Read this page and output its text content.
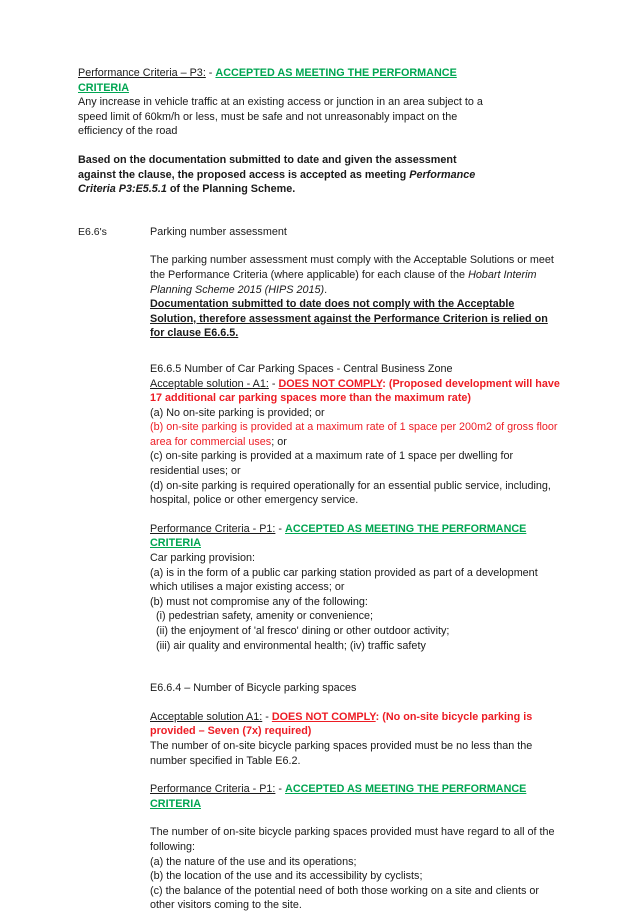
Performance Criteria – P3: - ACCEPTED AS MEETING THE PERFORMANCE CRITERIA

Any increase in vehicle traffic at an existing access or junction in an area subject to a speed limit of 60km/h or less, must be safe and not unreasonably impact on the efficiency of the road

Based on the documentation submitted to date and given the assessment against the clause, the proposed access is accepted as meeting Performance Criteria P3:E5.5.1 of the Planning Scheme.

E6.6's	Parking number assessment

The parking number assessment must comply with the Acceptable Solutions or meet the Performance Criteria (where applicable) for each clause of the Hobart Interim Planning Scheme 2015 (HIPS 2015).

Documentation submitted to date does not comply with the Acceptable Solution, therefore assessment against the Performance Criterion is relied on for clause E6.6.5.

E6.6.5 Number of Car Parking Spaces - Central Business Zone

Acceptable solution - A1: - DOES NOT COMPLY: (Proposed development will have 17 additional car parking spaces more than the maximum rate)

(a) No on-site parking is provided; or

(b) on-site parking is provided at a maximum rate of 1 space per 200m2 of gross floor area for commercial uses; or

(c) on-site parking is provided at a maximum rate of 1 space per dwelling for residential uses; or

(d) on-site parking is required operationally for an essential public service, including, hospital, police or other emergency service.

Performance Criteria - P1: - ACCEPTED AS MEETING THE PERFORMANCE CRITERIA

Car parking provision:

(a) is in the form of a public car parking station provided as part of a development which utilises a major existing access; or

(b) must not compromise any of the following:

(i) pedestrian safety, amenity or convenience;

(ii) the enjoyment of 'al fresco' dining or other outdoor activity;

(iii) air quality and environmental health; (iv) traffic safety

E6.6.4 – Number of Bicycle parking spaces

Acceptable solution A1: - DOES NOT COMPLY: (No on-site bicycle parking is provided – Seven (7x) required)

The number of on-site bicycle parking spaces provided must be no less than the number specified in Table E6.2.

Performance Criteria - P1: - ACCEPTED AS MEETING THE PERFORMANCE CRITERIA

The number of on-site bicycle parking spaces provided must have regard to all of the following:

(a) the nature of the use and its operations;

(b) the location of the use and its accessibility by cyclists;

(c) the balance of the potential need of both those working on a site and clients or other visitors coming to the site.
